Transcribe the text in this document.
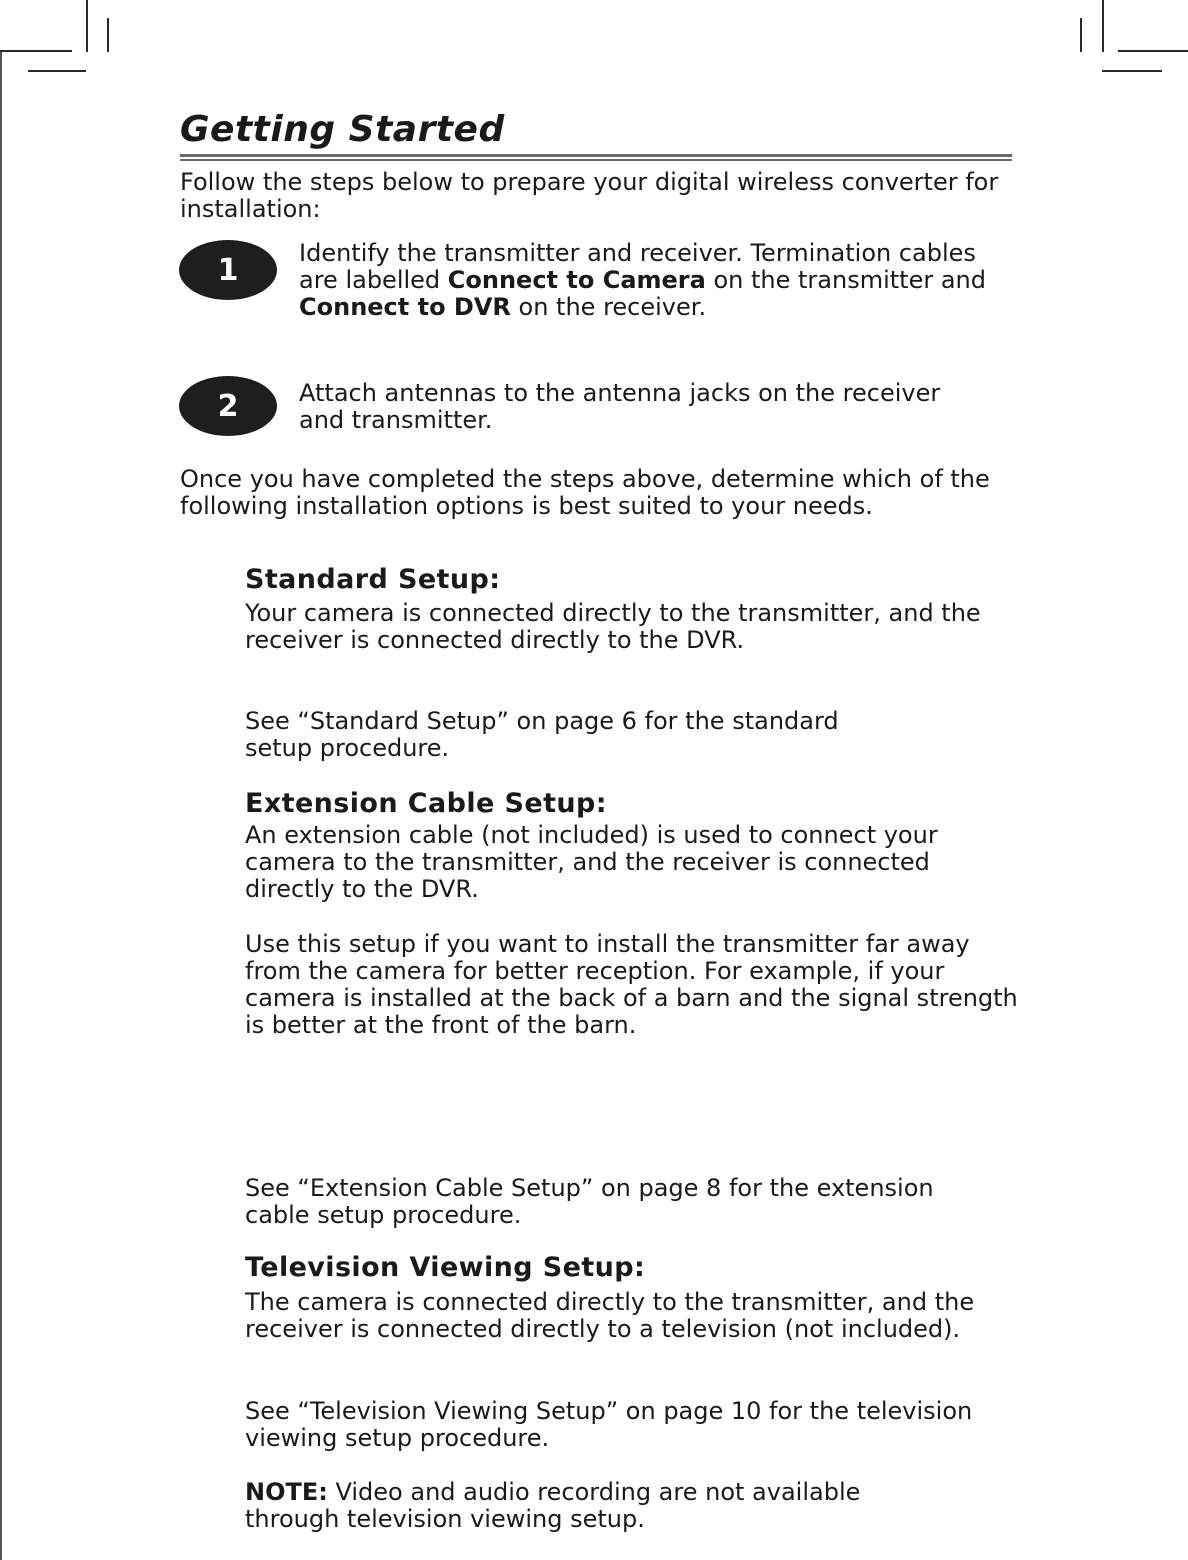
Getting Started

Follow the steps below to prepare your digital wireless converter for installation:

1	Identify the transmitter and receiver. Termination cables are labelled Connect to Camera on the transmitter and Connect to DVR on the receiver.

2	Attach antennas to the antenna jacks on the receiver and transmitter.

Once you have completed the steps above, determine which of the following installation options is best suited to your needs.

Standard Setup:

Your camera is connected directly to the transmitter, and the receiver is connected directly to the DVR.

See “Standard Setup” on page 6 for the standard setup procedure.

Extension Cable Setup:

An extension cable (not included) is used to connect your camera to the transmitter, and the receiver is connected directly to the DVR.

Use this setup if you want to install the transmitter far away from the camera for better reception. For example, if your camera is installed at the back of a barn and the signal strength is better at the front of the barn.

See “Extension Cable Setup” on page 8 for the extension cable setup procedure.

Television Viewing Setup:

The camera is connected directly to the transmitter, and the receiver is connected directly to a television (not included).

See “Television Viewing Setup” on page 10 for the television viewing setup procedure.

NOTE: Video and audio recording are not available through television viewing setup.
